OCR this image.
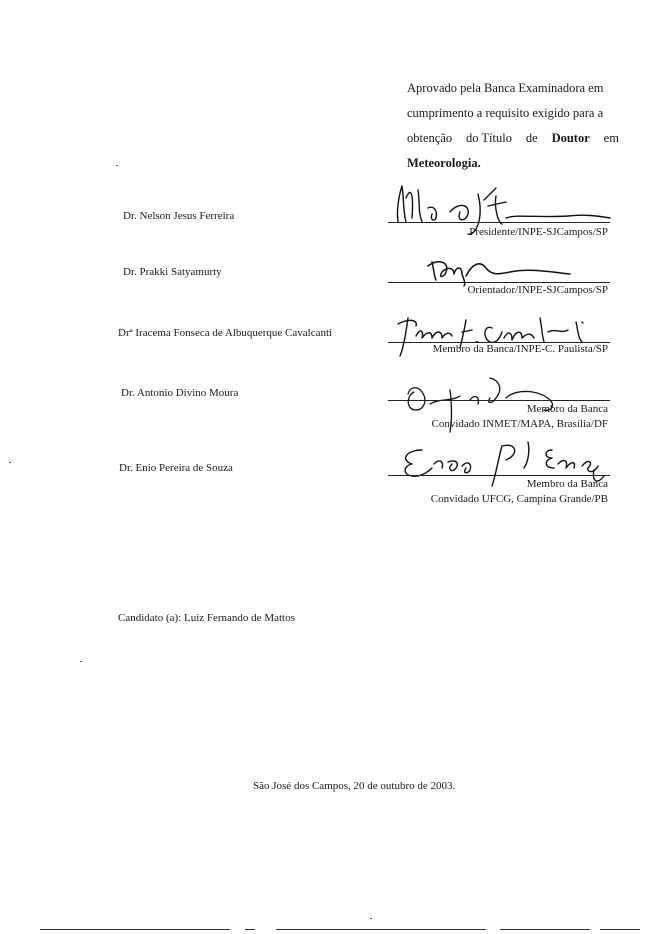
Aprovado pela Banca Examinadora em
cumprimento a requisito exigido para a
obtenção do Título de Doutor em
Meteorologia.
Dr. Nelson Jesus Ferreira
Presidente/INPE-SJCampos/SP
Dr. Prakki Satyamurty
Orientador/INPE-SJCampos/SP
Drª Iracema Fonseca de Albuquerque Cavalcanti
Membro da Banca/INPE-C. Paulista/SP
Dr. Antonio Divino Moura
Membro da Banca
Convidado INMET/MAPA, Brasília/DF
Dr. Enio Pereira de Souza
Membro da Banca
Convidado UFCG, Campina Grande/PB
Candidato (a): Luiz Fernando de Mattos
São José dos Campos, 20 de outubro de 2003.
